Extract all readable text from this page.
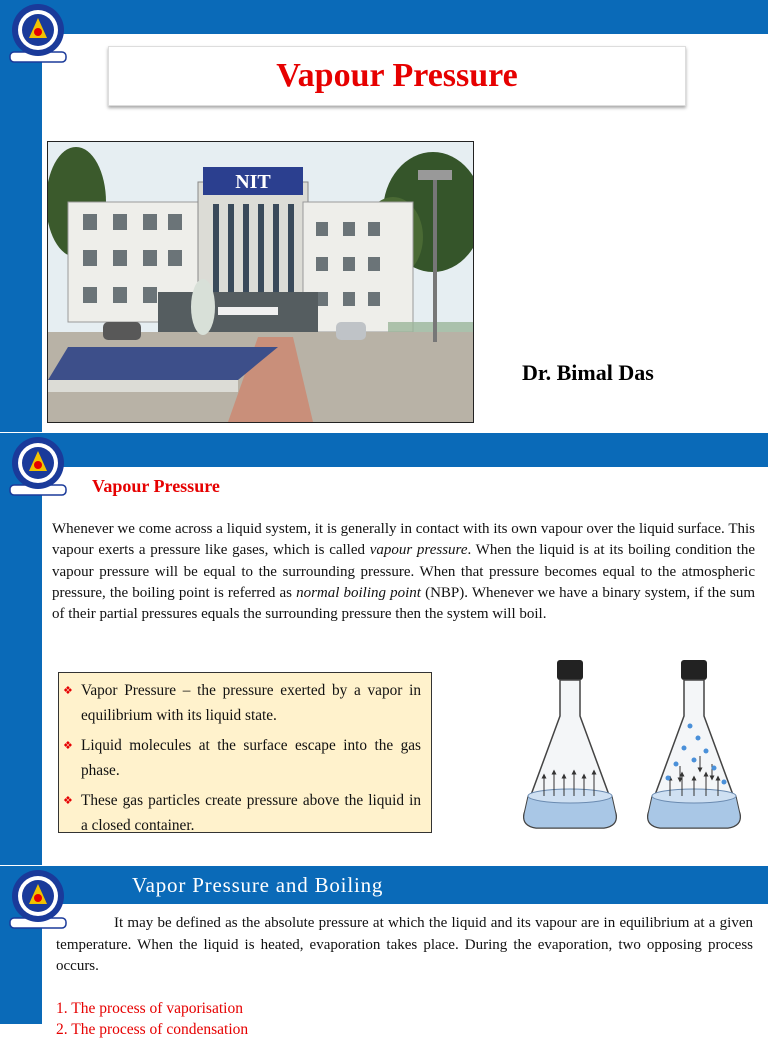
Vapour Pressure
NIT
Dr. Bimal Das
Vapour Pressure

Whenever we come across a liquid system, it is generally in contact with its own vapour over the liquid surface. This vapour exerts a pressure like gases, which is called vapour pressure. When the liquid is at its boiling condition the vapour pressure will be equal to the surrounding pressure. When that pressure becomes equal to the atmospheric pressure, the boiling point is referred as normal boiling point (NBP). Whenever we have a binary system, if the sum of their partial pressures equals the surrounding pressure then the system will boil.

❖ Vapor Pressure – the pressure exerted by a vapor in equilibrium with its liquid state.
❖ Liquid molecules at the surface escape into the gas phase.
❖ These gas particles create pressure above the liquid in a closed container.
Vapor Pressure and Boiling

It may be defined as the absolute pressure at which the liquid and its vapour are in equilibrium at a given temperature. When the liquid is heated, evaporation takes place. During the evaporation, two opposing process occurs.

1. The process of vaporisation
2. The process of condensation
